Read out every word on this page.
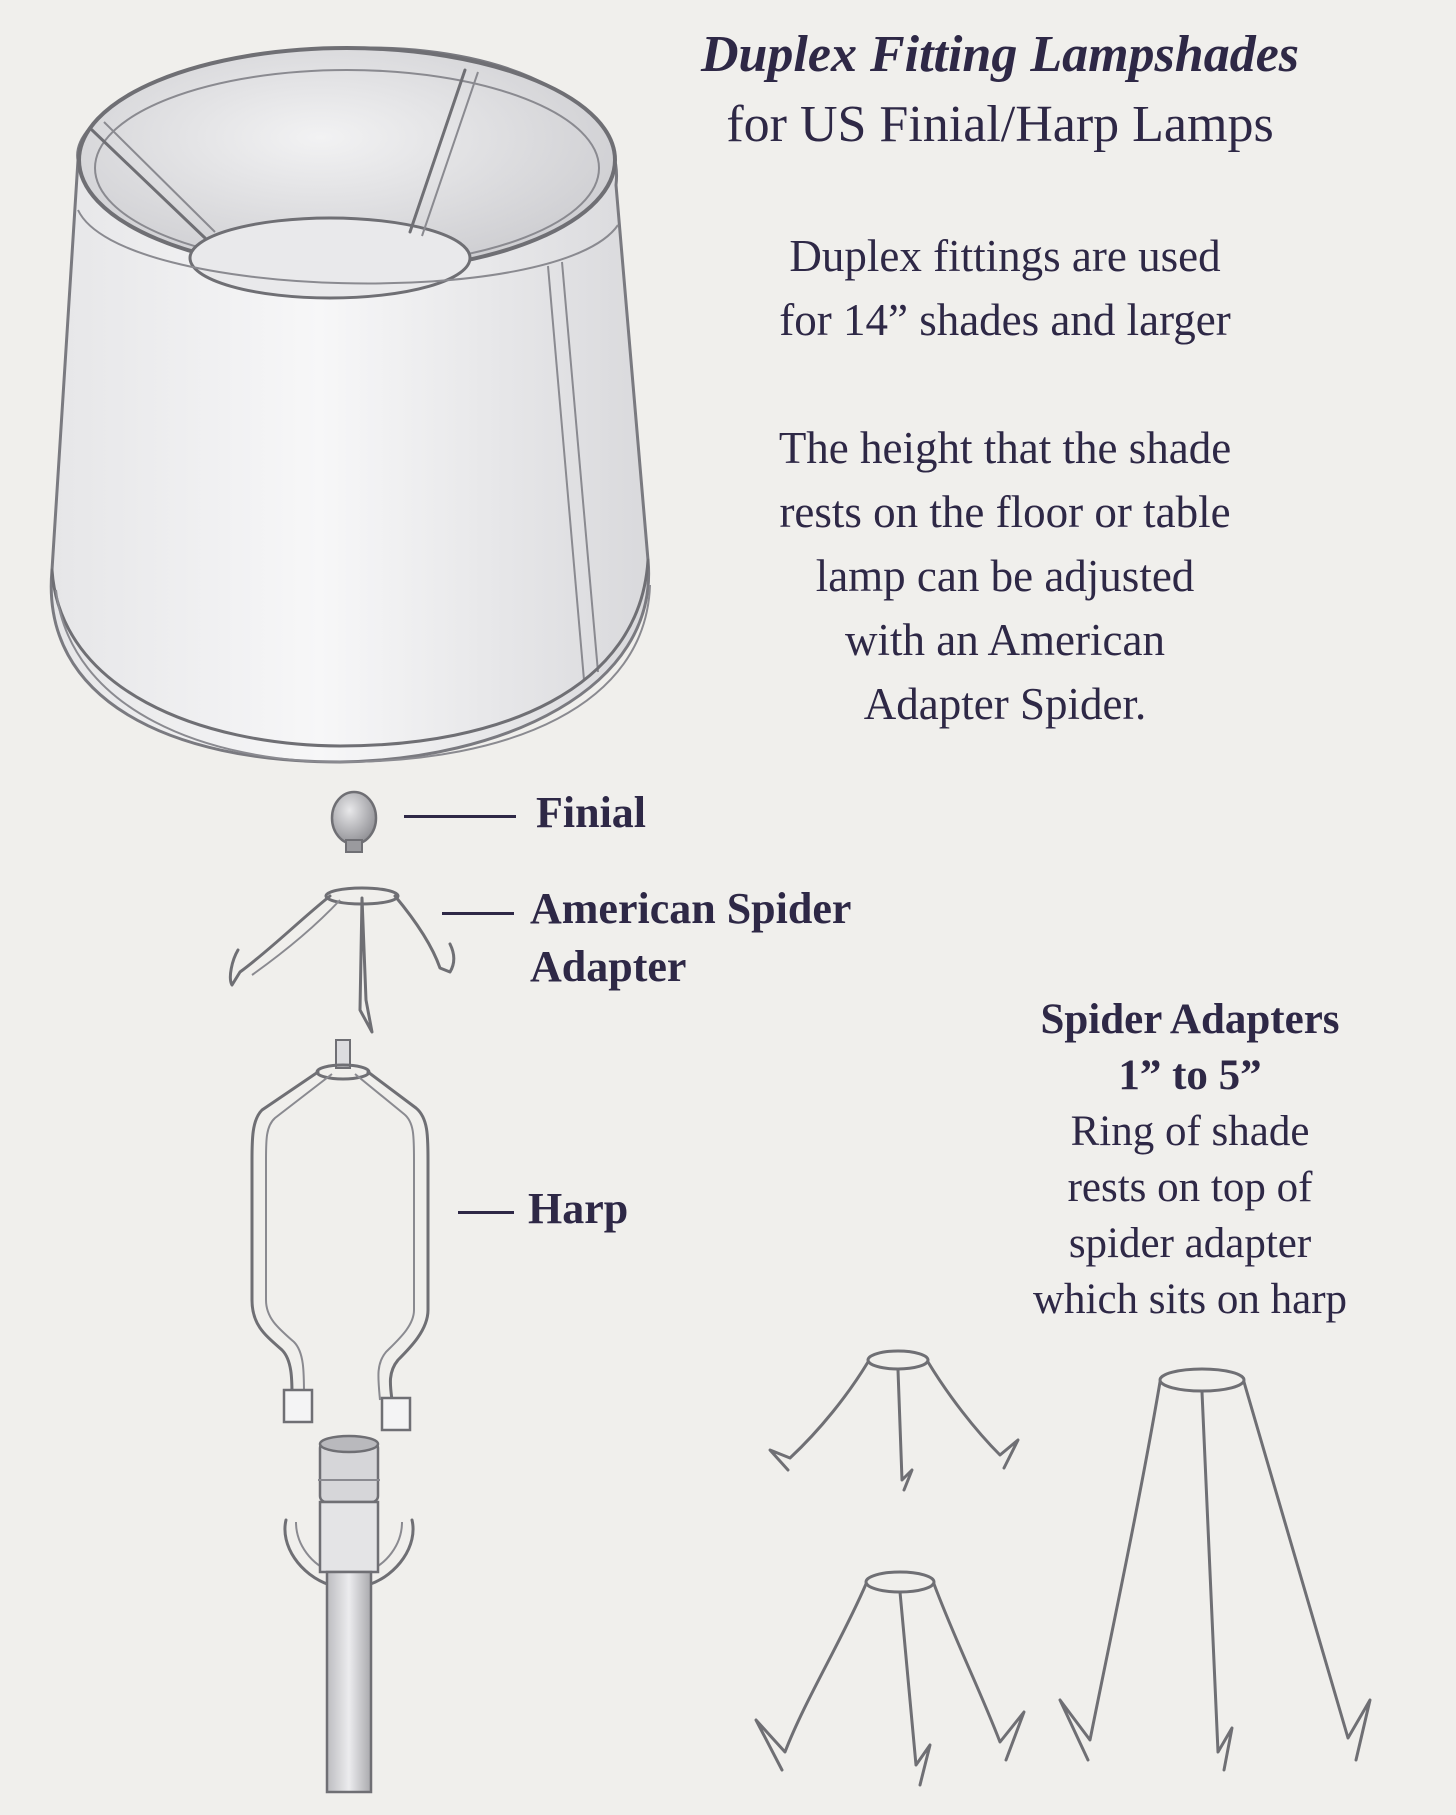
Duplex Fitting Lampshades
for US Finial/Harp Lamps
Duplex fittings are used
for 14” shades and larger
The height that the shade
rests on the floor or table
lamp can be adjusted
with an American
Adapter Spider.
Finial
American Spider
Adapter
Harp
Spider Adapters
1” to 5”
Ring of shade
rests on top of
spider adapter
which sits on harp
